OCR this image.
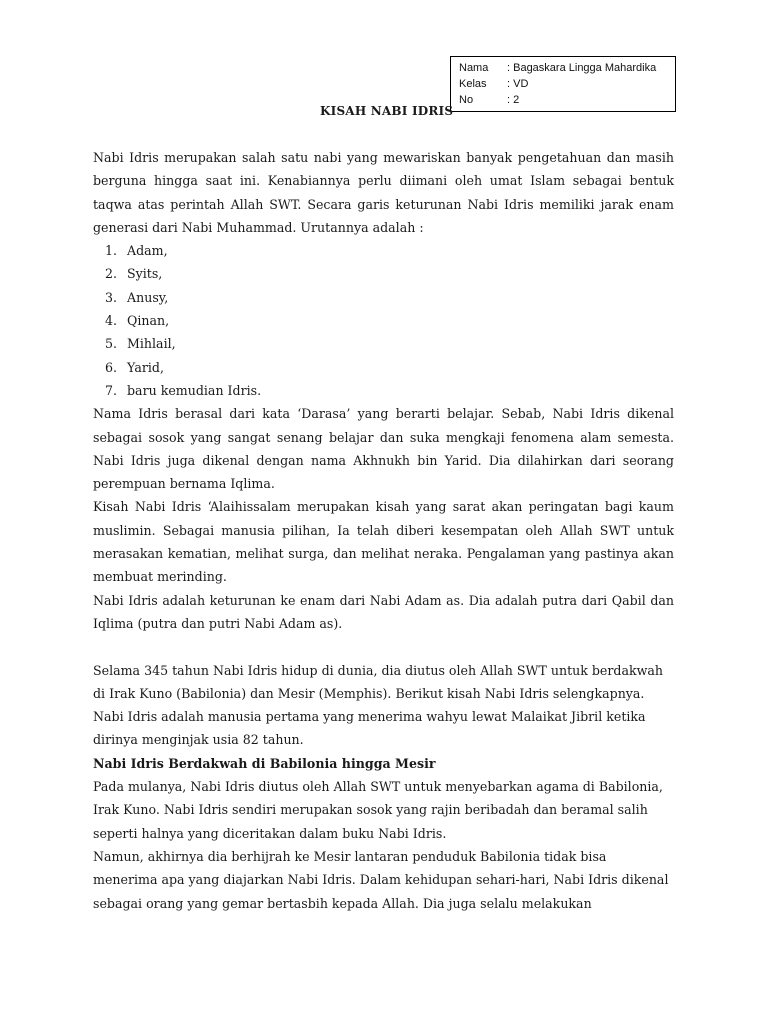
Nama	: Bagaskara Lingga Mahardika
Kelas	: VD
No	: 2
KISAH NABI IDRIS

Nabi Idris merupakan salah satu nabi yang mewariskan banyak pengetahuan dan masih berguna hingga saat ini. Kenabiannya perlu diimani oleh umat Islam sebagai bentuk taqwa atas perintah Allah SWT. Secara garis keturunan Nabi Idris memiliki jarak enam generasi dari Nabi Muhammad. Urutannya adalah :

1. Adam,
2. Syits,
3. Anusy,
4. Qinan,
5. Mihlail,
6. Yarid,
7. baru kemudian Idris.

Nama Idris berasal dari kata ‘Darasa’ yang berarti belajar. Sebab, Nabi Idris dikenal sebagai sosok yang sangat senang belajar dan suka mengkaji fenomena alam semesta. Nabi Idris juga dikenal dengan nama Akhnukh bin Yarid. Dia dilahirkan dari seorang perempuan bernama Iqlima.

Kisah Nabi Idris ‘Alaihissalam merupakan kisah yang sarat akan peringatan bagi kaum muslimin. Sebagai manusia pilihan, Ia telah diberi kesempatan oleh Allah SWT untuk merasakan kematian, melihat surga, dan melihat neraka. Pengalaman yang pastinya akan membuat merinding.

Nabi Idris adalah keturunan ke enam dari Nabi Adam as. Dia adalah putra dari Qabil dan Iqlima (putra dan putri Nabi Adam as).

Selama 345 tahun Nabi Idris hidup di dunia, dia diutus oleh Allah SWT untuk berdakwah di Irak Kuno (Babilonia) dan Mesir (Memphis). Berikut kisah Nabi Idris selengkapnya. Nabi Idris adalah manusia pertama yang menerima wahyu lewat Malaikat Jibril ketika dirinya menginjak usia 82 tahun.

Nabi Idris Berdakwah di Babilonia hingga Mesir

Pada mulanya, Nabi Idris diutus oleh Allah SWT untuk menyebarkan agama di Babilonia, Irak Kuno. Nabi Idris sendiri merupakan sosok yang rajin beribadah dan beramal salih seperti halnya yang diceritakan dalam buku Nabi Idris.

Namun, akhirnya dia berhijrah ke Mesir lantaran penduduk Babilonia tidak bisa menerima apa yang diajarkan Nabi Idris. Dalam kehidupan sehari-hari, Nabi Idris dikenal sebagai orang yang gemar bertasbih kepada Allah. Dia juga selalu melakukan
